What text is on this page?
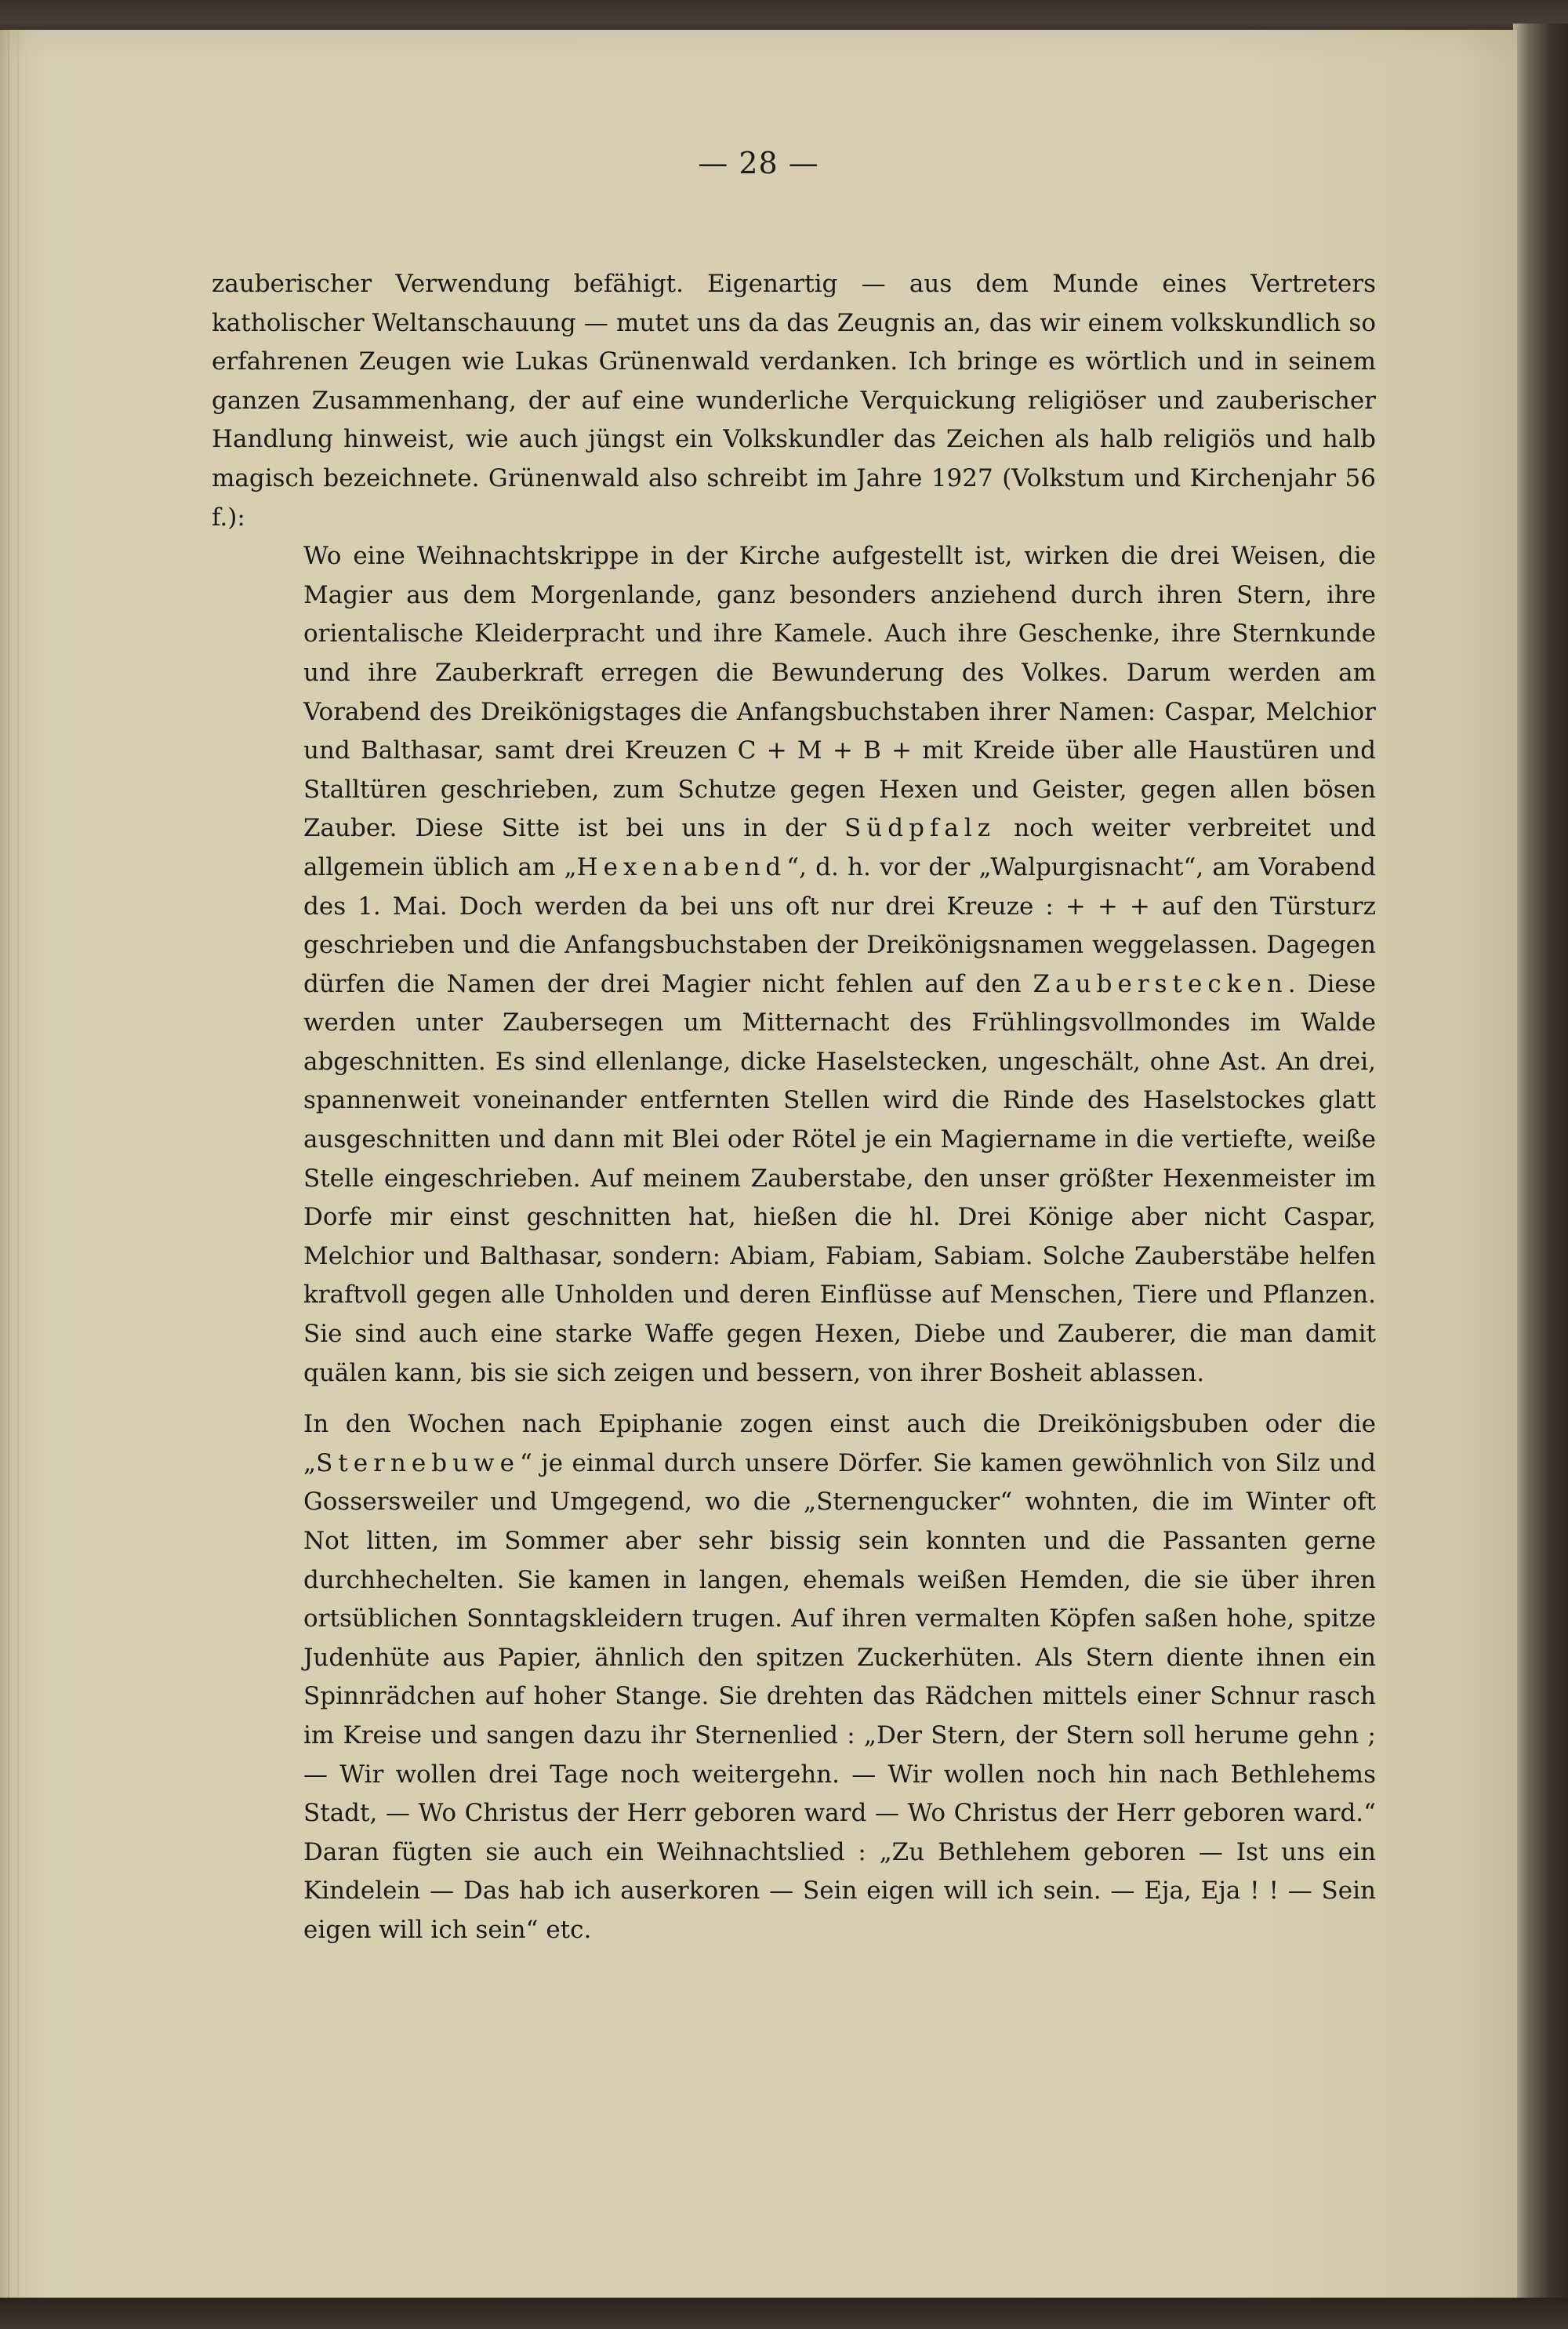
— 28 —

zauberischer Verwendung befähigt. Eigenartig — aus dem Munde eines Vertreters katholischer Weltanschauung — mutet uns da das Zeugnis an, das wir einem volkskundlich so erfahrenen Zeugen wie Lukas Grünenwald verdanken. Ich bringe es wörtlich und in seinem ganzen Zusammenhang, der auf eine wunderliche Verquickung religiöser und zauberischer Handlung hinweist, wie auch jüngst ein Volkskundler das Zeichen als halb religiös und halb magisch bezeichnete. Grünenwald also schreibt im Jahre 1927 (Volkstum und Kirchenjahr 56 f.):

Wo eine Weihnachtskrippe in der Kirche aufgestellt ist, wirken die drei Weisen, die Magier aus dem Morgenlande, ganz besonders anziehend durch ihren Stern, ihre orientalische Kleiderpracht und ihre Kamele. Auch ihre Geschenke, ihre Sternkunde und ihre Zauberkraft erregen die Bewunderung des Volkes. Darum werden am Vorabend des Dreikönigstages die Anfangsbuchstaben ihrer Namen: Caspar, Melchior und Balthasar, samt drei Kreuzen C + M + B + mit Kreide über alle Haustüren und Stalltüren geschrieben, zum Schutze gegen Hexen und Geister, gegen allen bösen Zauber. Diese Sitte ist bei uns in der Südpfalz noch weiter verbreitet und allgemein üblich am „Hexenabend“, d. h. vor der „Walpurgisnacht“, am Vorabend des 1. Mai. Doch werden da bei uns oft nur drei Kreuze : + + + auf den Türsturz geschrieben und die Anfangsbuchstaben der Dreikönigsnamen weggelassen. Dagegen dürfen die Namen der drei Magier nicht fehlen auf den Zauberstecken. Diese werden unter Zaubersegen um Mitternacht des Frühlingsvollmondes im Walde abgeschnitten. Es sind ellenlange, dicke Haselstecken, ungeschält, ohne Ast. An drei, spannenweit voneinander entfernten Stellen wird die Rinde des Haselstockes glatt ausgeschnitten und dann mit Blei oder Rötel je ein Magiername in die vertiefte, weiße Stelle eingeschrieben. Auf meinem Zauberstabe, den unser größter Hexenmeister im Dorfe mir einst geschnitten hat, hießen die hl. Drei Könige aber nicht Caspar, Melchior und Balthasar, sondern: Abiam, Fabiam, Sabiam. Solche Zauberstäbe helfen kraftvoll gegen alle Unholden und deren Einflüsse auf Menschen, Tiere und Pflanzen. Sie sind auch eine starke Waffe gegen Hexen, Diebe und Zauberer, die man damit quälen kann, bis sie sich zeigen und bessern, von ihrer Bosheit ablassen.

In den Wochen nach Epiphanie zogen einst auch die Dreikönigsbuben oder die „Sternebuwe“ je einmal durch unsere Dörfer. Sie kamen gewöhnlich von Silz und Gossersweiler und Umgegend, wo die „Sternengucker“ wohnten, die im Winter oft Not litten, im Sommer aber sehr bissig sein konnten und die Passanten gerne durchhechelten. Sie kamen in langen, ehemals weißen Hemden, die sie über ihren ortsüblichen Sonntagskleidern trugen. Auf ihren vermalten Köpfen saßen hohe, spitze Judenhüte aus Papier, ähnlich den spitzen Zuckerhüten. Als Stern diente ihnen ein Spinnrädchen auf hoher Stange. Sie drehten das Rädchen mittels einer Schnur rasch im Kreise und sangen dazu ihr Sternenlied : „Der Stern, der Stern soll herume gehn ; — Wir wollen drei Tage noch weitergehn. — Wir wollen noch hin nach Bethlehems Stadt, — Wo Christus der Herr geboren ward — Wo Christus der Herr geboren ward.“ Daran fügten sie auch ein Weihnachtslied : „Zu Bethlehem geboren — Ist uns ein Kindelein — Das hab ich auserkoren — Sein eigen will ich sein. — Eja, Eja ! ! — Sein eigen will ich sein“ etc.
